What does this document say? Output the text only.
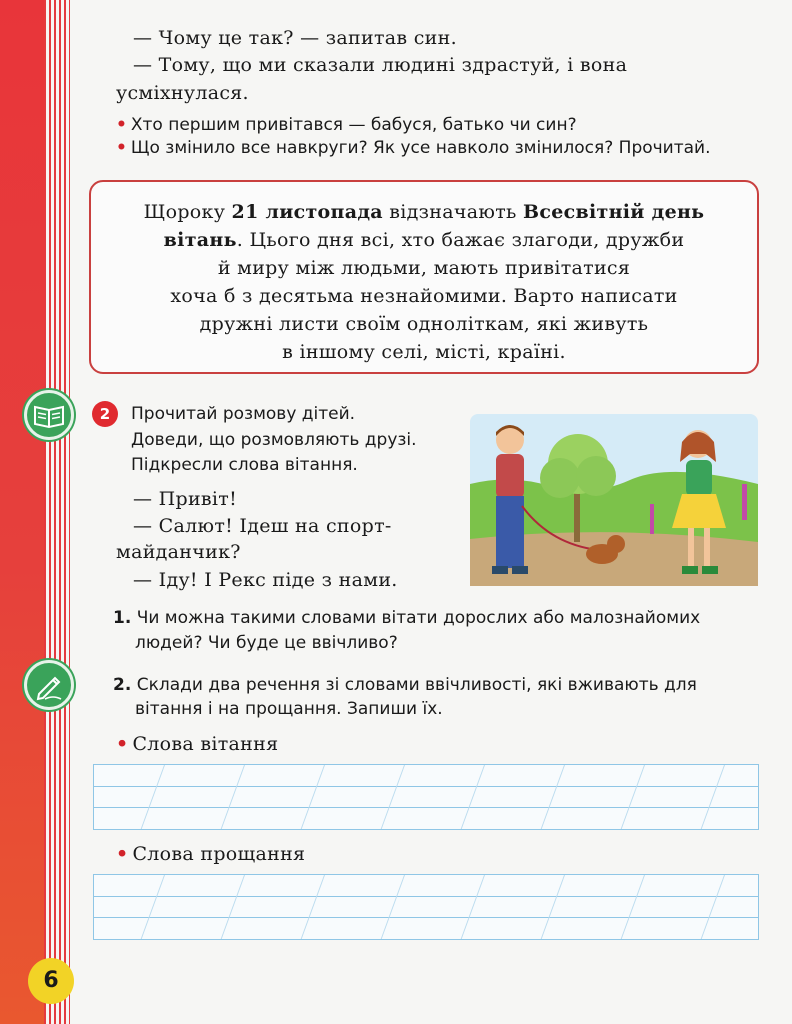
— Чому це так? — запитав син.

— Тому, що ми сказали людині здрастуй, і вона

усміхнулася.

• Хто першим привітався — бабуся, батько чи син?

• Що змінило все навкруги? Як усе навколо змінилося? Прочитай.

Щороку 21 листопада відзначають Всесвітній день
вітань. Цього дня всі, хто бажає злагоди, дружби
й миру між людьми, мають привітатися
хоча б з десятьма незнайомими. Варто написати
дружні листи своїм одноліткам, які живуть
в іншому селі, місті, країні.
2	Прочитай розмову дітей.

Доведи, що розмовляють друзі.

Підкресли слова вітання.

— Привіт!

— Салют! Ідеш на спорт-

майданчик?

— Іду! І Рекс піде з нами.

1. Чи можна такими словами вітати дорослих або малознайомих

людей? Чи буде це ввічливо?

2. Склади два речення зі словами ввічливості, які вживають для

вітання і на прощання. Запиши їх.

• Слова вітання

• Слова прощання

6
